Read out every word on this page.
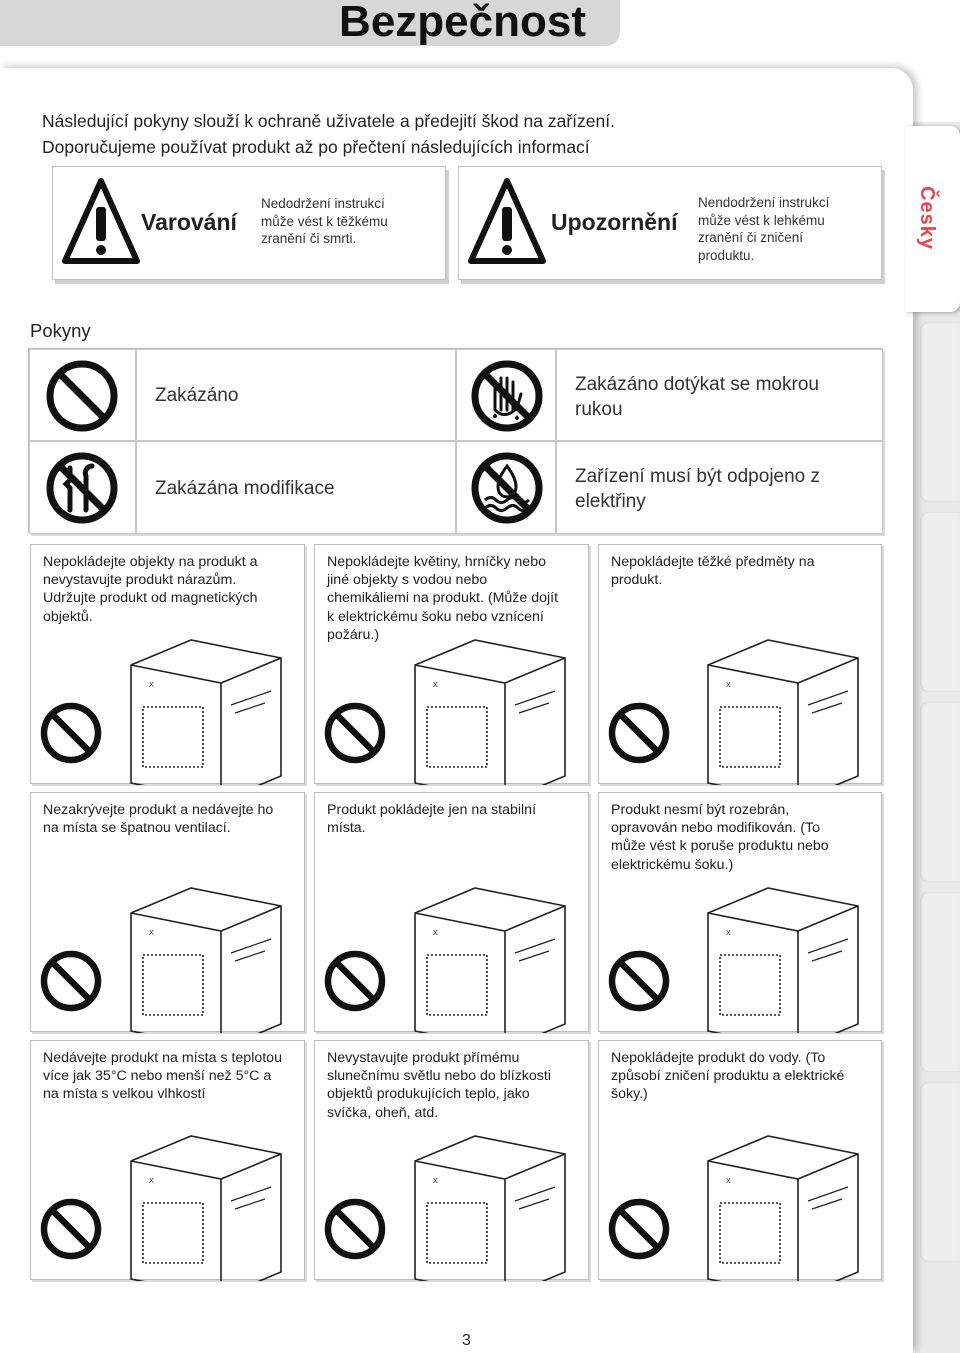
Česky
Bezpečnost
Následující pokyny slouží k ochraně uživatele a předejití škod na zařízení.
Doporučujeme používat produkt až po přečtení následujících informací
Varování
Nedodržení instrukcí
může vést k těžkému
zranění či smrti.
Upozornění
Nendodržení instrukcí
může vést k lehkému
zranění či zničení
produktu.
Pokyny
Zakázáno
Zakázáno dotýkat se mokrou
rukou
Zakázána modifikace
Zařízení musí být odpojeno z
elektřiny
X
Nepokládejte objekty na produkt a
nevystavujte produkt nárazům.
Udržujte produkt od magnetických
objektů.
X
Nepokládejte květiny, hrníčky nebo
jiné objekty s vodou nebo
chemikáliemi na produkt. (Může dojít
k elektrickému šoku nebo vznícení
požáru.)
X
Nepokládejte těžké předměty na
produkt.
X
Nezakrývejte produkt a nedávejte ho
na místa se špatnou ventilací.
X
Produkt pokládejte jen na stabilní
místa.
X
Produkt nesmí být rozebrán,
opravován nebo modifikován. (To
může vést k poruše produktu nebo
elektrickému šoku.)
X
Nedávejte produkt na místa s teplotou
více jak 35°C nebo menší než 5°C a
na místa s velkou vlhkostí
X
Nevystavujte produkt přímému
slunečnímu světlu nebo do blízkosti
objektů produkujících teplo, jako
svíčka, oheň, atd.
X
Nepokládejte produkt do vody. (To
způsobí zničení produktu a elektrické
šoky.)
3
